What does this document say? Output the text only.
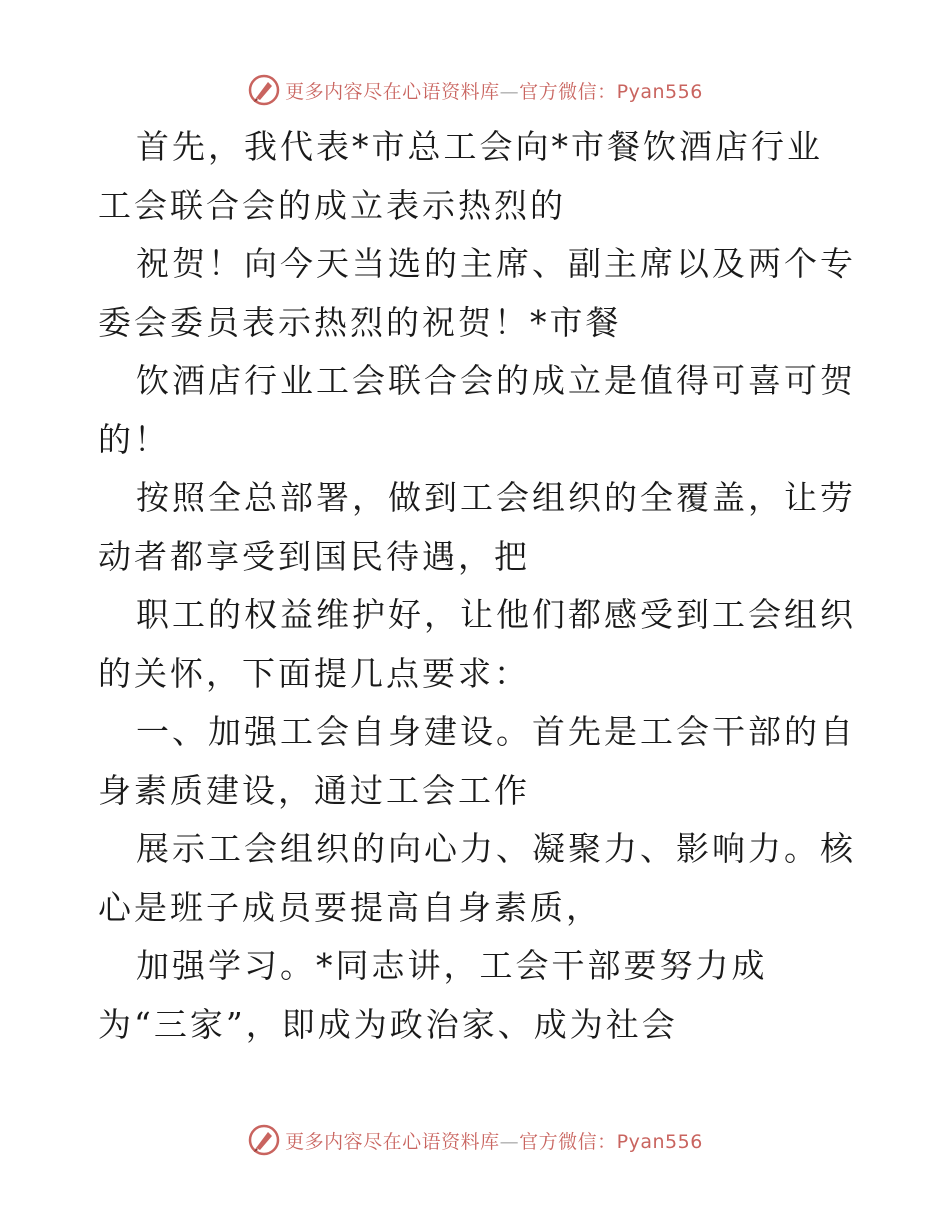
更多内容尽在心语资料库—官方微信：Pyan556

首先，我代表*市总工会向*市餐饮酒店行业工会联合会的成立表示热烈的

祝贺！向今天当选的主席、副主席以及两个专委会委员表示热烈的祝贺！*市餐

饮酒店行业工会联合会的成立是值得可喜可贺的！

按照全总部署，做到工会组织的全覆盖，让劳动者都享受到国民待遇，把

职工的权益维护好，让他们都感受到工会组织的关怀，下面提几点要求：

一、加强工会自身建设。首先是工会干部的自身素质建设，通过工会工作

展示工会组织的向心力、凝聚力、影响力。核心是班子成员要提高自身素质，

加强学习。*同志讲，工会干部要努力成为“三家”，即成为政治家、成为社会

更多内容尽在心语资料库—官方微信：Pyan556
